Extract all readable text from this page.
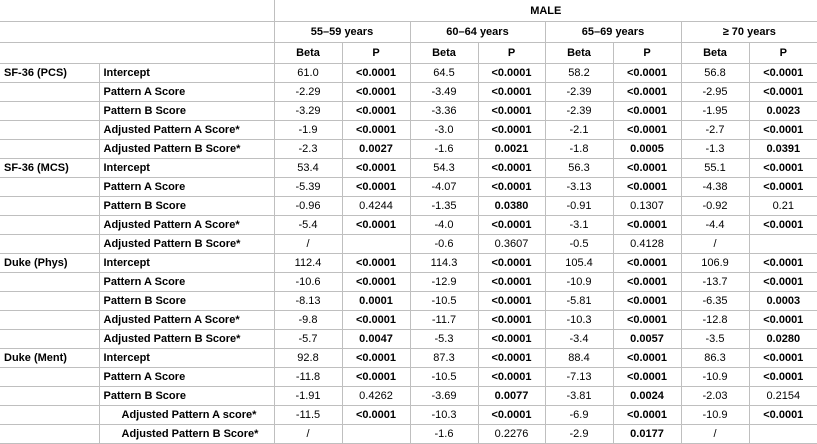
		MALE							
		55–59 years		60–64 years		65–69 years		≥ 70 years	
		Beta	P	Beta	P	Beta	P	Beta	P
SF-36 (PCS)	Intercept	61.0	<0.0001	64.5	<0.0001	58.2	<0.0001	56.8	<0.0001
	Pattern A Score	-2.29	<0.0001	-3.49	<0.0001	-2.39	<0.0001	-2.95	<0.0001
	Pattern B Score	-3.29	<0.0001	-3.36	<0.0001	-2.39	<0.0001	-1.95	0.0023
	Adjusted Pattern A Score*	-1.9	<0.0001	-3.0	<0.0001	-2.1	<0.0001	-2.7	<0.0001
	Adjusted Pattern B Score*	-2.3	0.0027	-1.6	0.0021	-1.8	0.0005	-1.3	0.0391
SF-36 (MCS)	Intercept	53.4	<0.0001	54.3	<0.0001	56.3	<0.0001	55.1	<0.0001
	Pattern A Score	-5.39	<0.0001	-4.07	<0.0001	-3.13	<0.0001	-4.38	<0.0001
	Pattern B Score	-0.96	0.4244	-1.35	0.0380	-0.91	0.1307	-0.92	0.21
	Adjusted Pattern A Score*	-5.4	<0.0001	-4.0	<0.0001	-3.1	<0.0001	-4.4	<0.0001
	Adjusted Pattern B Score*	/		-0.6	0.3607	-0.5	0.4128	/	
Duke (Phys)	Intercept	112.4	<0.0001	114.3	<0.0001	105.4	<0.0001	106.9	<0.0001
	Pattern A Score	-10.6	<0.0001	-12.9	<0.0001	-10.9	<0.0001	-13.7	<0.0001
	Pattern B Score	-8.13	0.0001	-10.5	<0.0001	-5.81	<0.0001	-6.35	0.0003
	Adjusted Pattern A Score*	-9.8	<0.0001	-11.7	<0.0001	-10.3	<0.0001	-12.8	<0.0001
	Adjusted Pattern B Score*	-5.7	0.0047	-5.3	<0.0001	-3.4	0.0057	-3.5	0.0280
Duke (Ment)	Intercept	92.8	<0.0001	87.3	<0.0001	88.4	<0.0001	86.3	<0.0001
	Pattern A Score	-11.8	<0.0001	-10.5	<0.0001	-7.13	<0.0001	-10.9	<0.0001
	Pattern B Score	-1.91	0.4262	-3.69	0.0077	-3.81	0.0024	-2.03	0.2154
	Adjusted Pattern A score*	-11.5	<0.0001	-10.3	<0.0001	-6.9	<0.0001	-10.9	<0.0001
	Adjusted Pattern B Score*	/		-1.6	0.2276	-2.9	0.0177	/	
